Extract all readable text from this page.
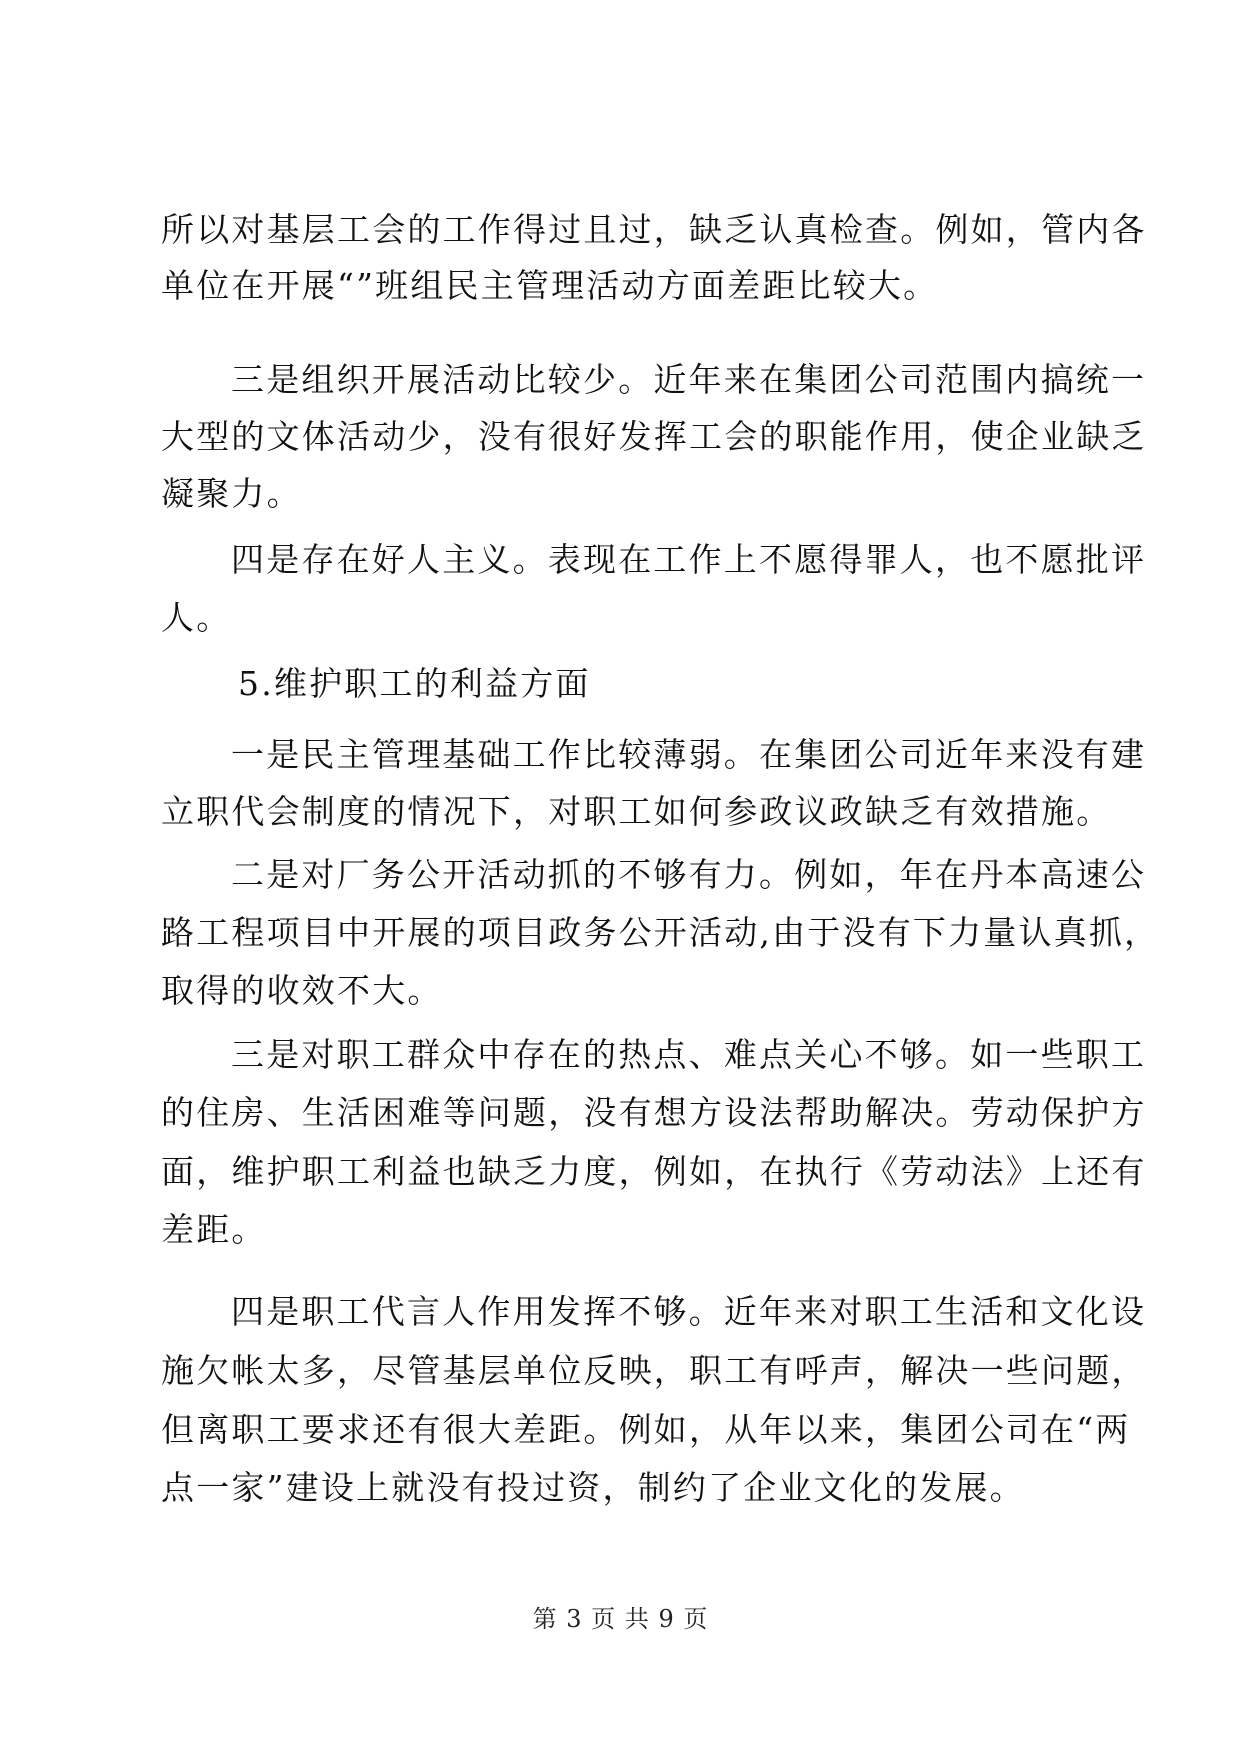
所以对基层工会的工作得过且过，缺乏认真检查。例如，管内各
单位在开展“”班组民主管理活动方面差距比较大。
三是组织开展活动比较少。近年来在集团公司范围内搞统一
大型的文体活动少，没有很好发挥工会的职能作用，使企业缺乏
凝聚力。
四是存在好人主义。表现在工作上不愿得罪人，也不愿批评
人。
5.维护职工的利益方面
一是民主管理基础工作比较薄弱。在集团公司近年来没有建
立职代会制度的情况下，对职工如何参政议政缺乏有效措施。
二是对厂务公开活动抓的不够有力。例如，年在丹本高速公
路工程项目中开展的项目政务公开活动,由于没有下力量认真抓，
取得的收效不大。
三是对职工群众中存在的热点、难点关心不够。如一些职工
的住房、生活困难等问题，没有想方设法帮助解决。劳动保护方
面，维护职工利益也缺乏力度，例如，在执行《劳动法》上还有
差距。
四是职工代言人作用发挥不够。近年来对职工生活和文化设
施欠帐太多，尽管基层单位反映，职工有呼声，解决一些问题，
但离职工要求还有很大差距。例如，从年以来，集团公司在“两
点一家”建设上就没有投过资，制约了企业文化的发展。
第 3 页 共 9 页
